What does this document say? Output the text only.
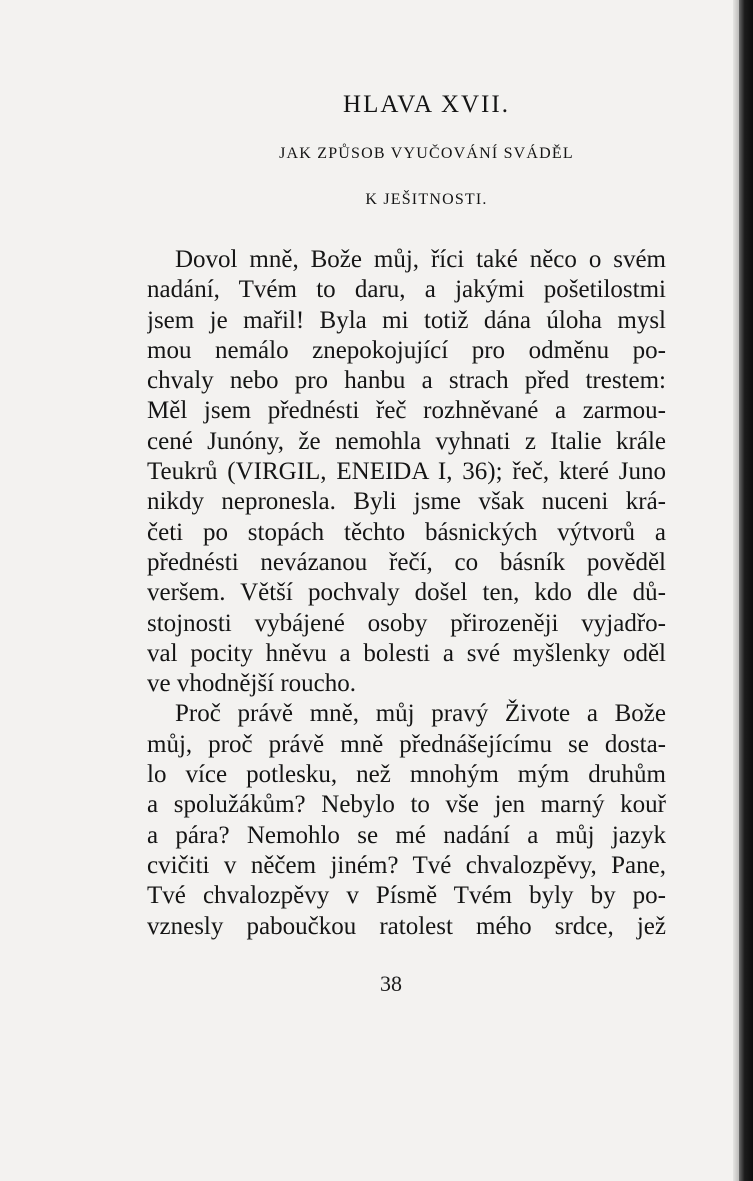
HLAVA XVII.
JAK ZPŮSOB VYUČOVÁNÍ SVÁDĚL
K JEŠITNOSTI.

Dovol mně, Bože můj, říci také něco o svém
nadání, Tvém to daru, a jakými pošetilostmi
jsem je mařil! Byla mi totiž dána úloha mysl
mou nemálo znepokojující pro odměnu po-
chvaly nebo pro hanbu a strach před trestem:
Měl jsem přednésti řeč rozhněvané a zarmou-
cené Junóny, že nemohla vyhnati z Italie krále
Teukrů (VIRGIL, ENEIDA I, 36); řeč, které Juno
nikdy nepronesla. Byli jsme však nuceni krá-
četi po stopách těchto básnických výtvorů a
přednésti nevázanou řečí, co básník pověděl
veršem. Větší pochvaly došel ten, kdo dle dů-
stojnosti vybájené osoby přirozeněji vyjadřo-
val pocity hněvu a bolesti a své myšlenky oděl
ve vhodnější roucho.

Proč právě mně, můj pravý Živote a Bože
můj, proč právě mně přednášejícímu se dosta-
lo více potlesku, než mnohým mým druhům
a spolužákům? Nebylo to vše jen marný kouř
a pára? Nemohlo se mé nadání a můj jazyk
cvičiti v něčem jiném? Tvé chvalozpěvy, Pane,
Tvé chvalozpěvy v Písmě Tvém byly by po-
vznesly paboučkou ratolest mého srdce, jež

38
